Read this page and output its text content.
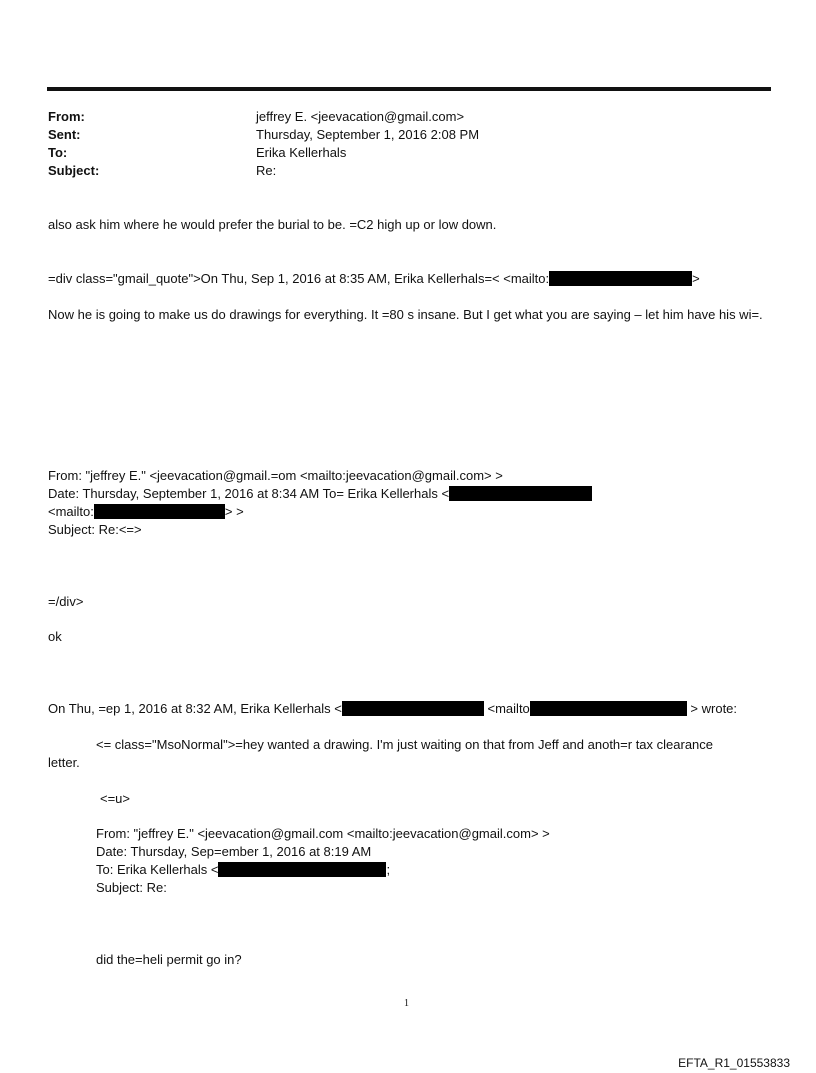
From:	jeffrey E. <jeevacation@gmail.com>
Sent:	Thursday, September 1, 2016 2:08 PM
To:	Erika Kellerhals
Subject:	Re:
also ask him where he would prefer the burial to be. =C2 high up or low down.
=div class="gmail_quote">On Thu, Sep 1, 2016 at 8:35 AM, Erika Kellerhals=< <mailto:	>
Now he is going to make us do drawings for everything. It =80 s insane. But I get what you are saying – let him have his wi=.
From: "jeffrey E." <jeevacation@gmail.=om <mailto:jeevacation@gmail.com> >
Date: Thursday, September 1, 2016 at 8:34 AM To= Erika Kellerhals <
<mailto:	> >
Subject: Re:<=>
=/div>
ok
On Thu, =ep 1, 2016 at 8:32 AM, Erika Kellerhals <	<mailto	> wrote:
<= class="MsoNormal">=hey wanted a drawing. I'm just waiting on that from Jeff and anoth=r tax clearance
letter.
<=u>
From: "jeffrey E." <jeevacation@gmail.com <mailto:jeevacation@gmail.com> >
Date: Thursday, Sep=ember 1, 2016 at 8:19 AM
To: Erika Kellerhals <	;
Subject: Re:
did the=heli permit go in?
1
EFTA_R1_01553833
